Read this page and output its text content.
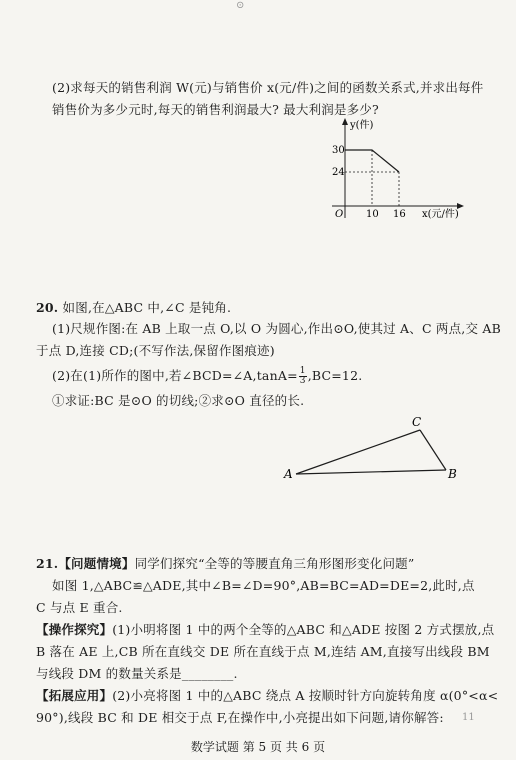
⊙
(2)求每天的销售利润 W(元)与销售价 x(元/件)之间的函数关系式,并求出每件
销售价为多少元时,每天的销售利润最大? 最大利润是多少?
y(件)
30
24
O 10 16 x(元/件)
20. 如图,在△ABC 中,∠C 是钝角.
(1)尺规作图:在 AB 上取一点 O,以 O 为圆心,作出⊙O,使其过 A、C 两点,交 AB
于点 D,连接 CD;(不写作法,保留作图痕迹)
(2)在(1)所作的图中,若∠BCD=∠A,tanA= $\frac{1}{3} ,BC=12$.
①求证:BC 是⊙O 的切线;②求⊙O 直径的长.
A	B
C
21.【问题情境】同学们探究“全等的等腰直角三角形图形变化问题”
如图 1,△ABC≌△ADE,其中∠B=∠D=90°,AB=BC=AD=DE=2,此时,点
C 与点 E 重合.
【操作探究】(1)小明将图 1 中的两个全等的△ABC 和△ADE 按图 2 方式摆放,点
B 落在 AE 上,CB 所在直线交 DE 所在直线于点 M,连结 AM,直接写出线段 BM
与线段 DM 的数量关系是________.
【拓展应用】(2)小亮将图 1 中的△ABC 绕点 A 按顺时针方向旋转角度 α(0°<α<
90°),线段 BC 和 DE 相交于点 F,在操作中,小亮提出如下问题,请你解答: 11
数学试题 第 5 页 共 6 页
